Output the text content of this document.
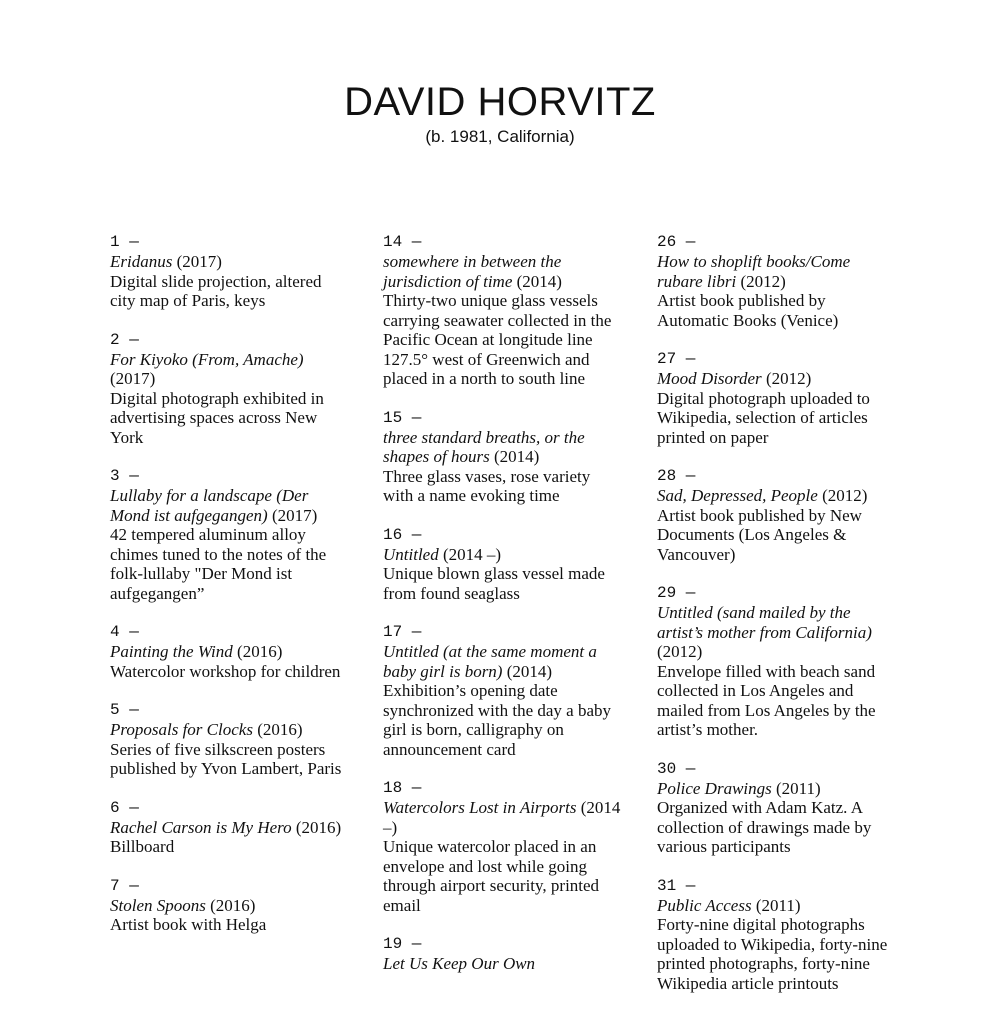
DAVID HORVITZ
(b. 1981, California)
1 —
Eridanus (2017)
Digital slide projection, altered city map of Paris, keys
2 —
For Kiyoko (From, Amache) (2017)
Digital photograph exhibited in advertising spaces across New York
3 —
Lullaby for a landscape (Der Mond ist aufgegangen) (2017)
42 tempered aluminum alloy chimes tuned to the notes of the folk-lullaby "Der Mond ist aufgegangen”
4 —
Painting the Wind (2016)
Watercolor workshop for children
5 —
Proposals for Clocks (2016)
Series of five silkscreen posters published by Yvon Lambert, Paris
6 —
Rachel Carson is My Hero (2016)
Billboard
7 —
Stolen Spoons (2016)
Artist book with Helga
14 —
somewhere in between the jurisdiction of time (2014)
Thirty-two unique glass vessels carrying seawater collected in the Pacific Ocean at longitude line 127.5° west of Greenwich and placed in a north to south line
15 —
three standard breaths, or the shapes of hours (2014)
Three glass vases, rose variety with a name evoking time
16 —
Untitled (2014 –)
Unique blown glass vessel made from found seaglass
17 —
Untitled (at the same moment a baby girl is born) (2014)
Exhibition’s opening date synchronized with the day a baby girl is born, calligraphy on announcement card
18 —
Watercolors Lost in Airports (2014 –)
Unique watercolor placed in an envelope and lost while going through airport security, printed email
19 —
Let Us Keep Our Own
26 —
How to shoplift books/Come rubare libri (2012)
Artist book published by Automatic Books (Venice)
27 —
Mood Disorder (2012)
Digital photograph uploaded to Wikipedia, selection of articles printed on paper
28 —
Sad, Depressed, People (2012)
Artist book published by New Documents (Los Angeles & Vancouver)
29 —
Untitled (sand mailed by the artist’s mother from California) (2012)
Envelope filled with beach sand collected in Los Angeles and mailed from Los Angeles by the artist’s mother.
30 —
Police Drawings (2011)
Organized with Adam Katz. A collection of drawings made by various participants
31 —
Public Access (2011)
Forty-nine digital photographs uploaded to Wikipedia, forty-nine printed photographs, forty-nine Wikipedia article printouts
